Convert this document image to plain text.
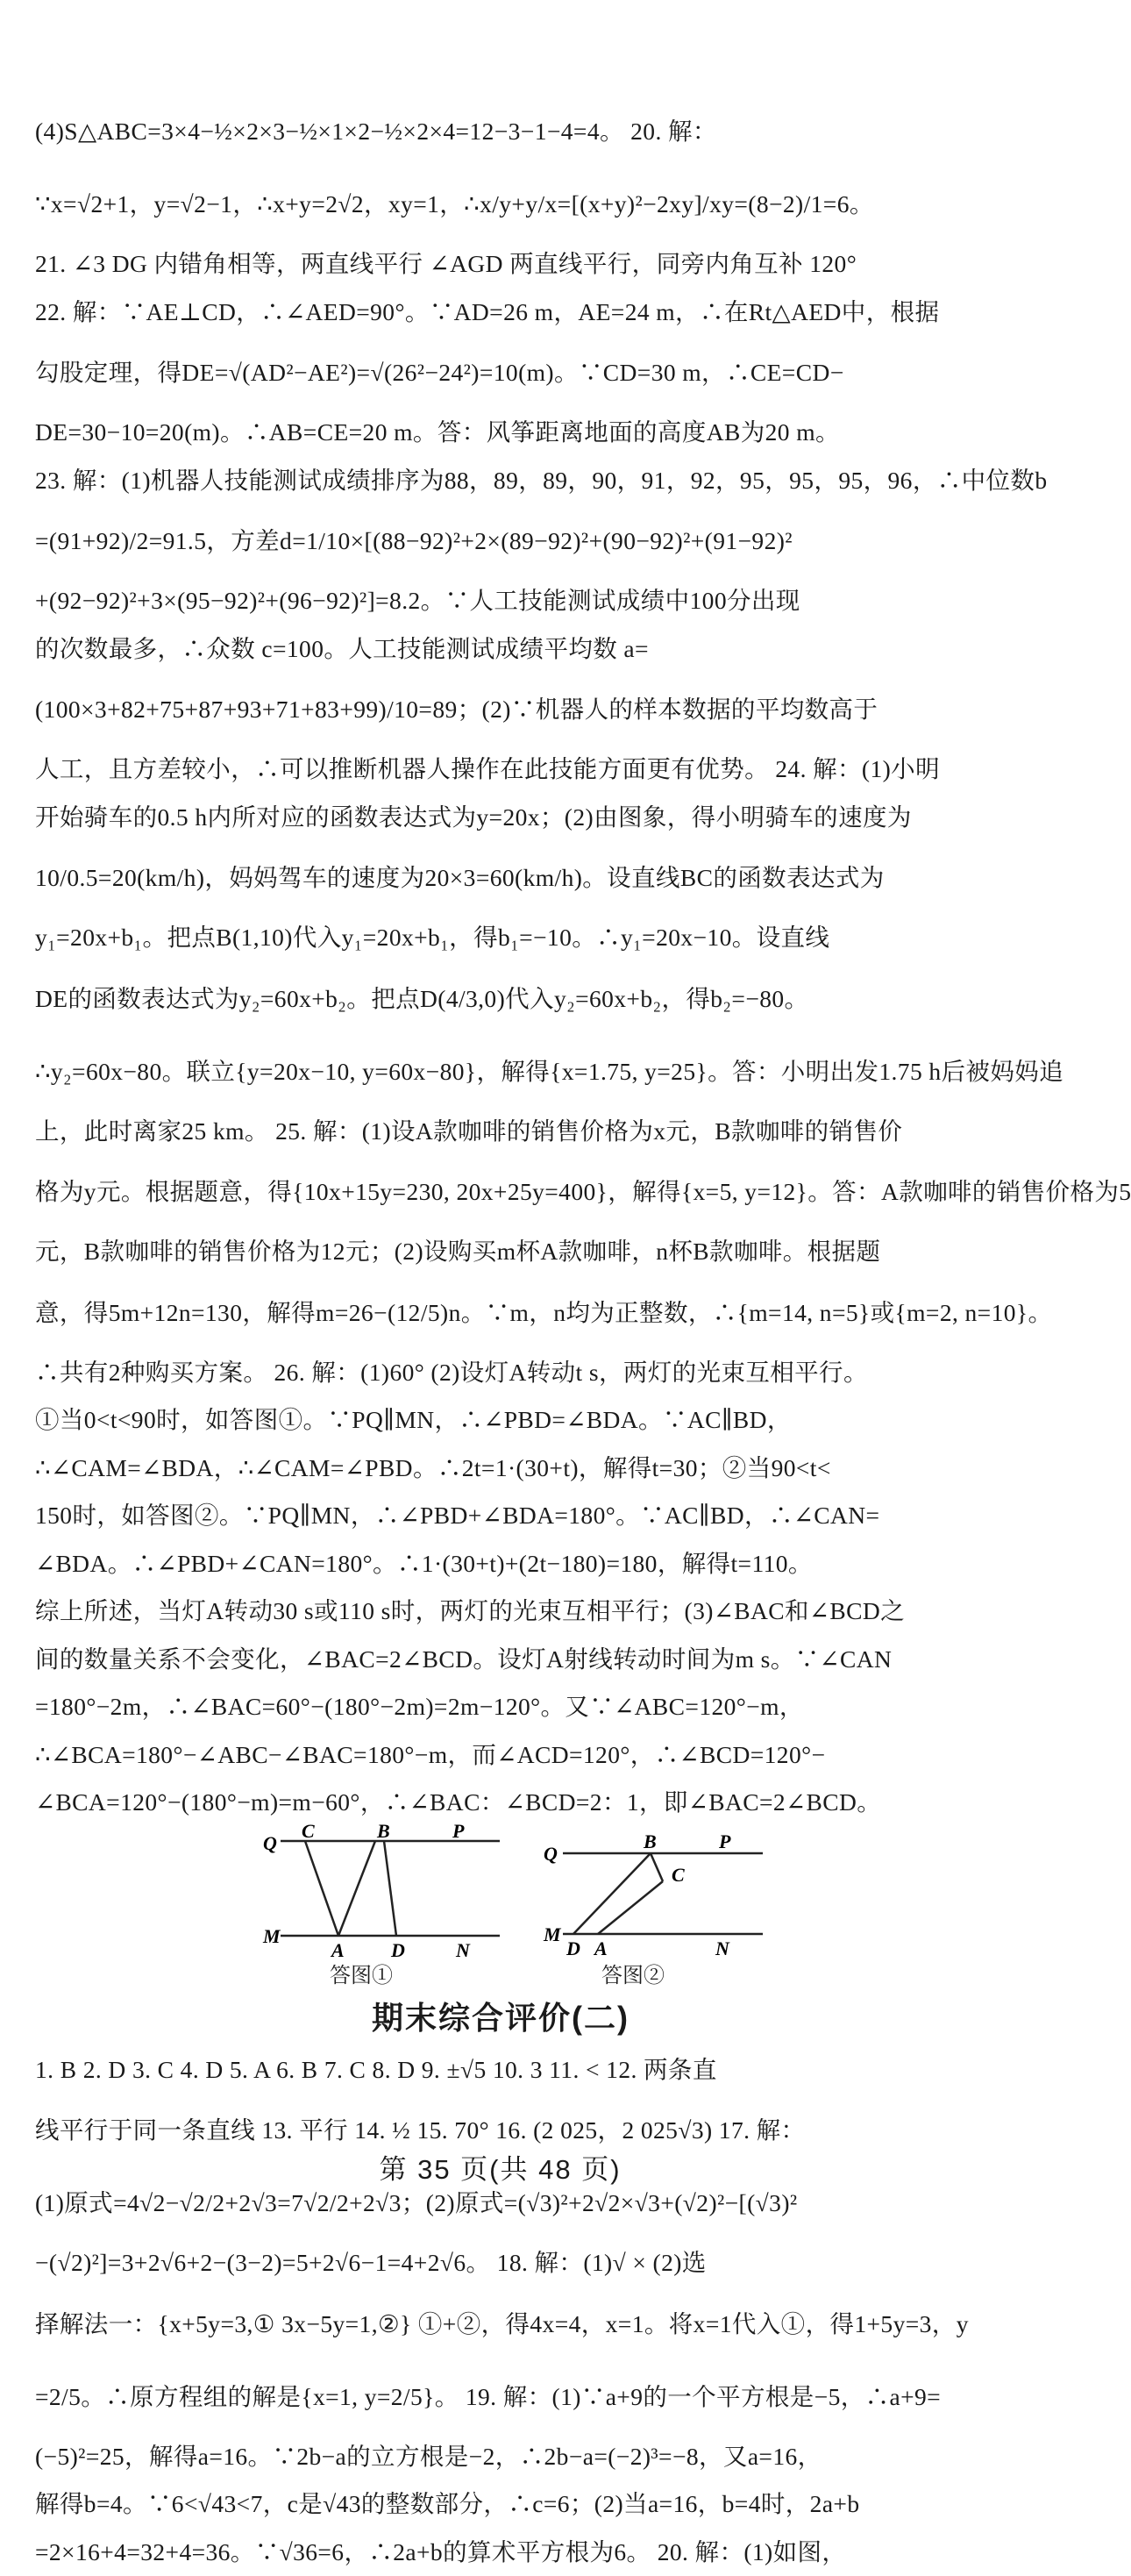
(4)S△ABC=3×4−½×2×3−½×1×2−½×2×4=12−3−1−4=4。 20. 解：
∵x=√2+1，y=√2−1，∴x+y=2√2，xy=1，∴x/y+y/x=[(x+y)²−2xy]/xy=(8−2)/1=6。
21. ∠3 DG 内错角相等，两直线平行 ∠AGD 两直线平行，同旁内角互补 120°
22. 解：∵AE⊥CD，∴∠AED=90°。∵AD=26 m，AE=24 m，∴在Rt△AED中，根据
勾股定理，得DE=√(AD²−AE²)=√(26²−24²)=10(m)。∵CD=30 m，∴CE=CD−
DE=30−10=20(m)。∴AB=CE=20 m。答：风筝距离地面的高度AB为20 m。
23. 解：(1)机器人技能测试成绩排序为88，89，89，90，91，92，95，95，95，96，∴中位数b
=(91+92)/2=91.5，方差d=1/10×[(88−92)²+2×(89−92)²+(90−92)²+(91−92)²
+(92−92)²+3×(95−92)²+(96−92)²]=8.2。∵人工技能测试成绩中100分出现
的次数最多，∴众数 c=100。人工技能测试成绩平均数 a=
(100×3+82+75+87+93+71+83+99)/10=89；(2)∵机器人的样本数据的平均数高于
人工，且方差较小，∴可以推断机器人操作在此技能方面更有优势。 24. 解：(1)小明
开始骑车的0.5 h内所对应的函数表达式为y=20x；(2)由图象，得小明骑车的速度为
10/0.5=20(km/h)，妈妈驾车的速度为20×3=60(km/h)。设直线BC的函数表达式为
y₁=20x+b₁。把点B(1,10)代入y₁=20x+b₁，得b₁=−10。∴y₁=20x−10。设直线
DE的函数表达式为y₂=60x+b₂。把点D(4/3,0)代入y₂=60x+b₂，得b₂=−80。
∴y₂=60x−80。联立{y=20x−10, y=60x−80}，解得{x=1.75, y=25}。答：小明出发1.75 h后被妈妈追
上，此时离家25 km。 25. 解：(1)设A款咖啡的销售价格为x元，B款咖啡的销售价
格为y元。根据题意，得{10x+15y=230, 20x+25y=400}，解得{x=5, y=12}。答：A款咖啡的销售价格为5
元，B款咖啡的销售价格为12元；(2)设购买m杯A款咖啡，n杯B款咖啡。根据题
意，得5m+12n=130，解得m=26−(12/5)n。∵m，n均为正整数，∴{m=14, n=5}或{m=2, n=10}。
∴共有2种购买方案。 26. 解：(1)60° (2)设灯A转动t s，两灯的光束互相平行。
①当0<t<90时，如答图①。∵PQ∥MN，∴∠PBD=∠BDA。∵AC∥BD，
∴∠CAM=∠BDA，∴∠CAM=∠PBD。∴2t=1·(30+t)，解得t=30；②当90<t<
150时，如答图②。∵PQ∥MN，∴∠PBD+∠BDA=180°。∵AC∥BD，∴∠CAN=
∠BDA。∴∠PBD+∠CAN=180°。∴1·(30+t)+(2t−180)=180，解得t=110。
综上所述，当灯A转动30 s或110 s时，两灯的光束互相平行；(3)∠BAC和∠BCD之
间的数量关系不会变化，∠BAC=2∠BCD。设灯A射线转动时间为m s。∵∠CAN
=180°−2m，∴∠BAC=60°−(180°−2m)=2m−120°。又∵∠ABC=120°−m，
∴∠BCA=180°−∠ABC−∠BAC=180°−m，而∠ACD=120°，∴∠BCD=120°−
∠BCA=120°−(180°−m)=m−60°，∴∠BAC：∠BCD=2：1，即∠BAC=2∠BCD。
Q
C	B	P
M
A D	N
答图①
Q
B	P
C
M
D A	N
答图②
期末综合评价(二)
1. B 2. D 3. C 4. D 5. A 6. B 7. C 8. D 9. ±√5 10. 3 11. < 12. 两条直
线平行于同一条直线 13. 平行 14. ½ 15. 70° 16. (2 025，2 025√3) 17. 解：
(1)原式=4√2−√2/2+2√3=7√2/2+2√3；(2)原式=(√3)²+2√2×√3+(√2)²−[(√3)²
−(√2)²]=3+2√6+2−(3−2)=5+2√6−1=4+2√6。 18. 解：(1)√ × (2)选
择解法一：{x+5y=3,① 3x−5y=1,②} ①+②，得4x=4，x=1。将x=1代入①，得1+5y=3，y
=2/5。∴原方程组的解是{x=1, y=2/5}。 19. 解：(1)∵a+9的一个平方根是−5，∴a+9=
(−5)²=25，解得a=16。∵2b−a的立方根是−2，∴2b−a=(−2)³=−8，又a=16，
解得b=4。∵6<√43<7，c是√43的整数部分，∴c=6；(2)当a=16，b=4时，2a+b
=2×16+4=32+4=36。∵√36=6，∴2a+b的算术平方根为6。 20. 解：(1)如图，
第 35 页(共 48 页)
